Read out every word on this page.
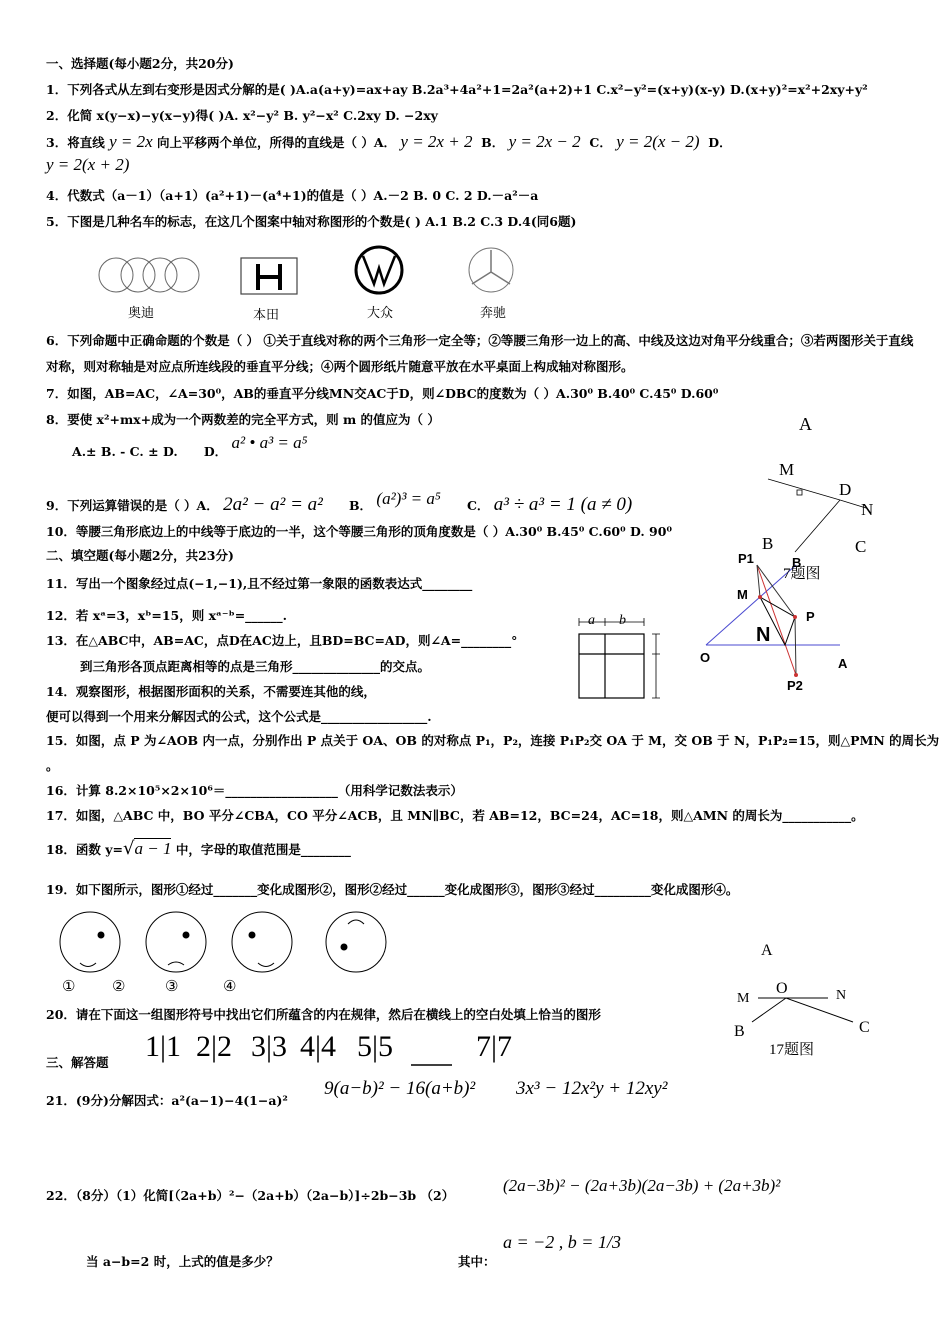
一、选择题(每小题2分，共20分)
1．下列各式从左到右变形是因式分解的是( )A.a(a+y)=ax+ay B.2a³+4a²+1=2a²(a+2)+1 C.x²−y²=(x+y)(x-y) D.(x+y)²=x²+2xy+y²
2．化简 x(y−x)−y(x−y)得( )A. x²−y² B. y²−x² C.2xy D. −2xy
3．将直线 y = 2x 向上平移两个单位，所得的直线是（ ）A． y = 2x + 2 B． y = 2x − 2 C． y = 2(x − 2) D．
y = 2(x + 2)
4．代数式（a－1）（a+1）(a²+1)－(a⁴+1)的值是（ ）A.－2 B. 0 C. 2 D.－a²－a
5．下图是几种名车的标志，在这几个图案中轴对称图形的个数是( ) A.1 B.2 C.3 D.4(同6题)
奥迪	本田	大众	奔驰
6．下列命题中正确命题的个数是（ ） ①关于直线对称的两个三角形一定全等；②等腰三角形一边上的高、中线及这边对角平分线重合；③若两图形关于直线对称，则对称轴是对应点所连线段的垂直平分线；④两个圆形纸片随意平放在水平桌面上构成轴对称图形。
7．如图，AB=AC，∠A=30⁰，AB的垂直平分线MN交AC于D，则∠DBC的度数为（ ）A.30⁰ B.40⁰ C.45⁰ D.60⁰
8．要使 x²+mx+成为一个两数差的完全平方式，则 m 的值应为（ ）
A.± B. - C. ± D. D． a² • a³ = a⁵
9．下列运算错误的是（ ）A． 2a² − a² = a² B． (a²)³ = a⁵ C． a³ ÷ a³ = 1 (a ≠ 0)
10．等腰三角形底边上的中线等于底边的一半，这个等腰三角形的顶角度数是（ ）A.30⁰ B.45⁰ C.60⁰ D. 90⁰
二、填空题(每小题2分，共23分)
11．写出一个图象经过点(−1,−1),且不经过第一象限的函数表达式________
12．若 xᵃ=3，xᵇ=15，则 xᵃ⁻ᵇ=______.
13．在△ABC中，AB=AC，点D在AC边上，且BD=BC=AD，则∠A=________°
到三角形各顶点距离相等的点是三角形______________的交点。
14．观察图形，根据图形面积的关系，不需要连其他的线，
便可以得到一个用来分解因式的公式，这个公式是_________________.
15．如图，点 P 为∠AOB 内一点，分别作出 P 点关于 OA、OB 的对称点 P₁，P₂，连接 P₁P₂交 OA 于 M，交 OB 于 N，P₁P₂=15，则△PMN 的周长为
。
16．计算 8.2×10⁵×2×10⁶＝__________________（用科学记数法表示）
17．如图，△ABC 中，BO 平分∠CBA，CO 平分∠ACB，且 MN∥BC，若 AB=12，BC=24，AC=18，则△AMN 的周长为___________。
18．函数 y=√a − 1 中，字母的取值范围是________
19．如下图所示，图形①经过_______变化成图形②，图形②经过______变化成图形③，图形③经过_________变化成图形④。
① ②	③	④
20．请在下面这一组图形符号中找出它们所蕴含的内在规律，然后在横线上的空白处填上恰当的图形
1|1 2|2 3|3 4|4 5|5	7|7
三、解答题
21．(9分)分解因式：a²(a−1)−4(1−a)²
9(a−b)² − 16(a+b)² 3x³ − 12x²y + 12xy²
22．（8分）（1）化简[（2a+b）²−（2a+b）（2a−b）]÷2b−3b （2）
(2a−3b)² − (2a+3b)(2a−3b) + (2a+3b)²
当 a−b=2 时，上式的值是多少？	其中：
a = −2 , b = 1/3
A
M
D
N
B	C
7题图
P1	B
M
P
N
O	A
P2
a b
A
O
M	N
B	C
17题图
